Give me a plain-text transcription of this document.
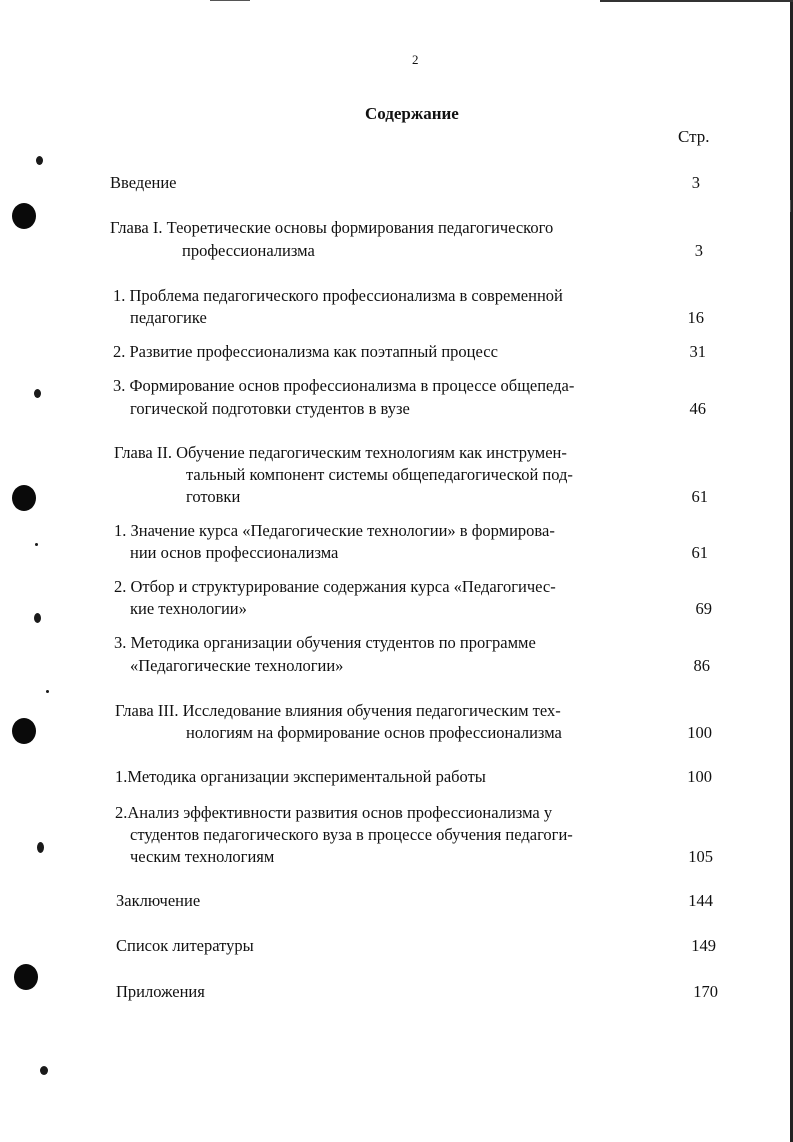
2
Содержание
Стр.
Введение	3
Глава I. Теоретические основы формирования педагогического
профессионализма	3
1. Проблема педагогического профессионализма в современной
педагогике	16
2. Развитие профессионализма как поэтапный процесс	31
3. Формирование основ профессионализма в процессе общепеда-
гогической подготовки студентов в вузе	46
Глава II. Обучение педагогическим технологиям как инструмен-
тальный компонент системы общепедагогической под-
готовки	61
1. Значение курса «Педагогические технологии» в формирова-
нии основ профессионализма	61
2. Отбор и структурирование содержания курса «Педагогичес-
кие технологии»	69
3. Методика организации обучения студентов по программе
«Педагогические технологии»	86
Глава III. Исследование влияния обучения педагогическим тех-
нологиям на формирование основ профессионализма	100
1.Методика организации экспериментальной работы	100
2.Анализ эффективности развития основ профессионализма у
студентов педагогического вуза в процессе обучения педагоги-
ческим технологиям	105
Заключение	144
Список литературы	149
Приложения	170
